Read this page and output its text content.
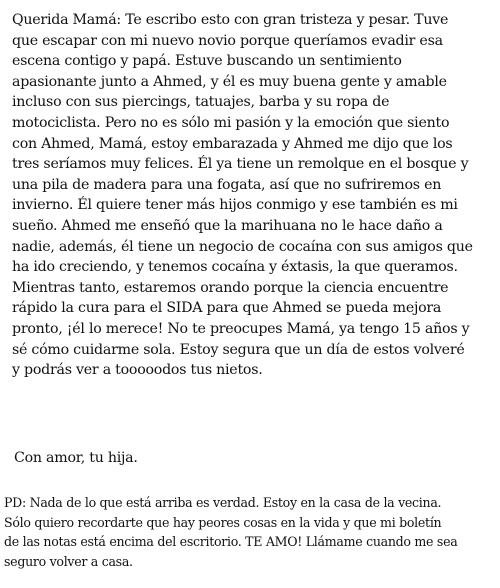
Querida Mamá: Te escribo esto con gran tristeza y pesar. Tuve
que escapar con mi nuevo novio porque queríamos evadir esa
escena contigo y papá. Estuve buscando un sentimiento
apasionante junto a Ahmed, y él es muy buena gente y amable
incluso con sus piercings, tatuajes, barba y su ropa de
motociclista. Pero no es sólo mi pasión y la emoción que siento
con Ahmed, Mamá, estoy embarazada y Ahmed me dijo que los
tres seríamos muy felices. Él ya tiene un remolque en el bosque y
una pila de madera para una fogata, así que no sufriremos en
invierno. Él quiere tener más hijos conmigo y ese también es mi
sueño. Ahmed me enseñó que la marihuana no le hace daño a
nadie, además, él tiene un negocio de cocaína con sus amigos que
ha ido creciendo, y tenemos cocaína y éxtasis, la que queramos.
Mientras tanto, estaremos orando porque la ciencia encuentre
rápido la cura para el SIDA para que Ahmed se pueda mejora
pronto, ¡él lo merece! No te preocupes Mamá, ya tengo 15 años y
sé cómo cuidarme sola. Estoy segura que un día de estos volveré
y podrás ver a tooooodos tus nietos.
Con amor, tu hija.
PD: Nada de lo que está arriba es verdad. Estoy en la casa de la vecina.
Sólo quiero recordarte que hay peores cosas en la vida y que mi boletín
de las notas está encima del escritorio. TE AMO! Llámame cuando me sea
seguro volver a casa.
